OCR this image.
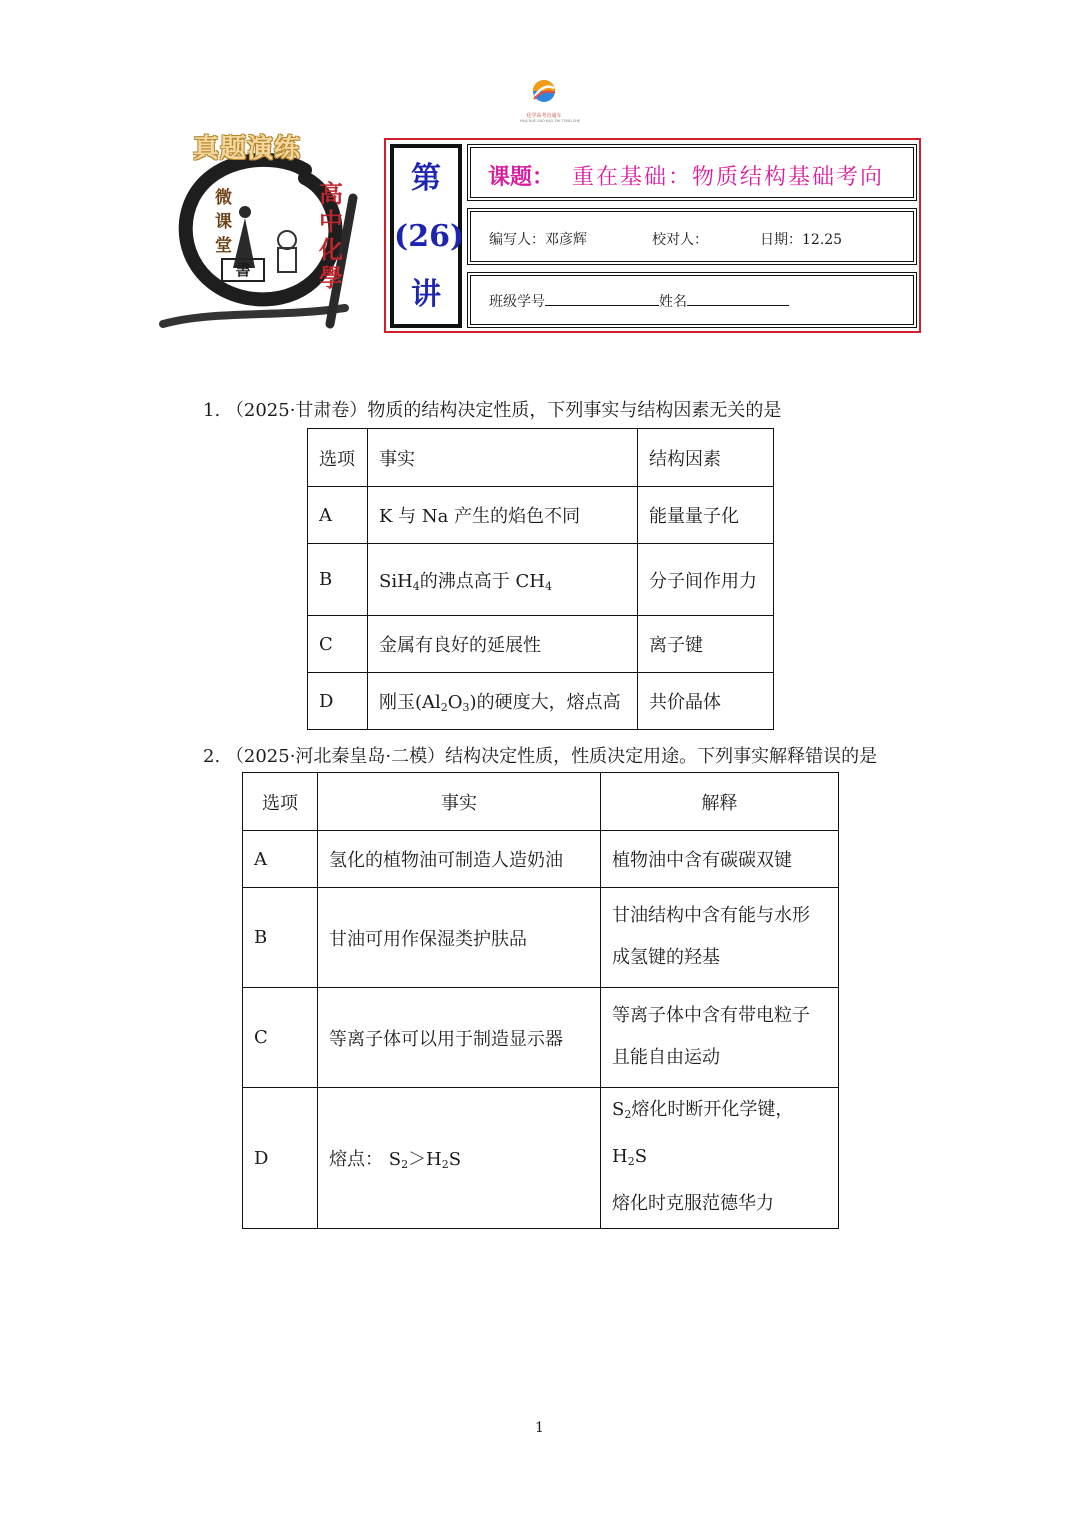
化学高考直通车
HUA XUE GAO KAO ZHI TONG CHE
真题演练
微课堂
高中化學
書
第
(26)
讲
课题： 重在基础：物质结构基础考向
编写人：邓彦辉	校对人：	日期：12.25
班级学号	姓名
1. （2025·甘肃卷）物质的结构决定性质，下列事实与结构因素无关的是
选项	事实	结构因素
A	K 与 Na 产生的焰色不同	能量量子化
B	SiH$_4$的沸点高于 $CH_4$	分子间作用力
C	金属有良好的延展性	离子键
D	刚玉$(Al_2O_3)$的硬度大，熔点高	共价晶体
2. （2025·河北秦皇岛·二模）结构决定性质，性质决定用途。下列事实解释错误的是
选项	事实	解释
A	氢化的植物油可制造人造奶油	植物油中含有碳碳双键
B	甘油可用作保湿类护肤品	甘油结构中含有能与水形
成氢键的羟基

C	等离子体可以用于制造显示器	等离子体中含有带电粒子
且能自由运动

D	熔点： $S_2>H_2S$	$S_2$熔化时断开化学键，$H_2S$
熔化时克服范德华力
1
